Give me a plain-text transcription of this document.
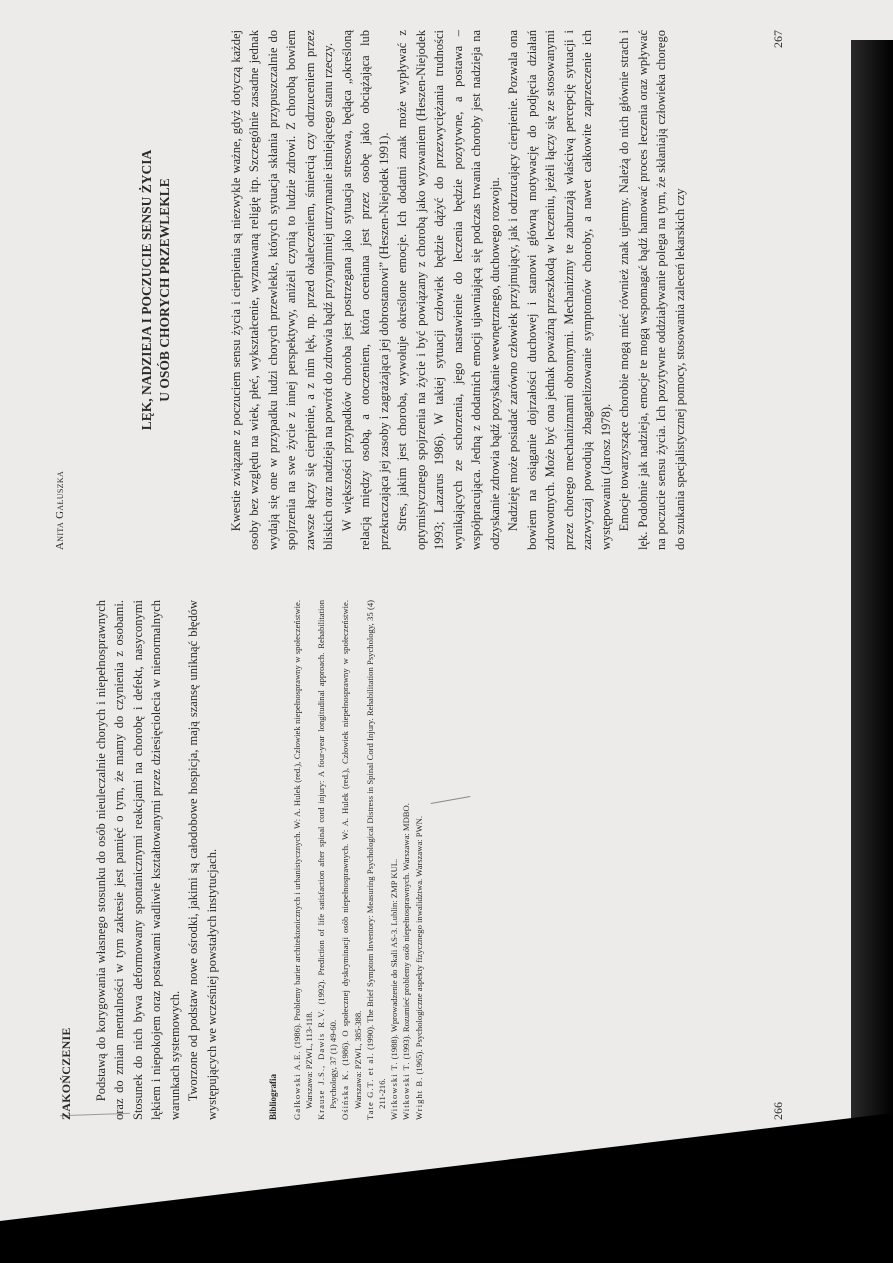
ZAKOŃCZENIE Podstawą do korygowania własnego stosunku do osób nieuleczalnie chorych i niepełnosprawnych oraz do zmian mentalności w tym zakresie jest pamięć o tym, że mamy do czynienia z osobami. Stosunek do nich bywa deformowany spontanicznymi reakcjami na chorobę i defekt, nasyconymi lękiem i niepokojem oraz postawami wadliwie kształtowanymi przez dziesięciolecia w nienormalnych warunkach systemowych. Tworzone od podstaw nowe ośrodki, jakimi są całodobowe hospicja, mają szansę uniknąć błędów występujących we wcześniej powstałych instytucjach.	Bibliografia Gałkowski A.E. (1986). Problemy barier architektonicznych i urbanistycznych. W: A. Hulek (red.), Człowiek niepełnosprawny w społeczeństwie. Warszawa: PZWL, 113-118. Krause J.S., Dawis R.V. (1992). Prediction of life satisfaction after spinal cord injury: A four-year longitudinal approach. Rehabilitation Psychology, 37 (1) 49-60. Ośińska K. (1986). O społecznej dyskryminacji osób niepełnosprawnych. W: A. Hulek (red.), Człowiek niepełnosprawny w społeczeństwie. Warszawa: PZWL, 385-388. Tate G.T. et al. (1990). The Brief Symptom Inventory: Measuring Psychological Distress in Spinal Cord Injury. Rehabilitation Psychology, 35 (4) 211-216. Witkowski T. (1988). Wprowadzenie do Skali AS-3. Lublin: ZMP KUL.
Witkowski T. (1993). Rozumieć problemy osób niepełnosprawnych. Warszawa: MDBO.
Wright B. (1965). Psychologiczne aspekty fizycznego inwalidztwa. Warszawa: PWN.
266
Anita Gałuszka
LĘK, NADZIEJA I POCZUCIE SENSU ŻYCIA U OSÓB CHORYCH PRZEWLEKLE	Kwestie związane z poczuciem sensu życia i cierpienia są niezwykle ważne, gdyż dotyczą każdej osoby bez względu na wiek, płeć, wykształcenie, wyznawaną religię itp. Szczególnie zasadne jednak wydają się one w przypadku ludzi chorych przewlekle, których sytuacja skłania przypuszczalnie do spojrzenia na swe życie z innej perspektywy, aniżeli czynią to ludzie zdrowi. Z chorobą bowiem zawsze łączy się cierpienie, a z nim lęk, np. przed okaleczeniem, śmiercią czy odrzuceniem przez bliskich oraz nadzieja na powrót do zdrowia bądź przynajmniej utrzymanie istniejącego stanu rzeczy. W większości przypadków choroba jest postrzegana jako sytuacja stresowa, będąca „określoną relacją między osobą, a otoczeniem, która oceniana jest przez osobę jako obciążająca lub przekraczająca jej zasoby i zagrażająca jej dobrostanowi” (Heszen-Niejodek 1991). Stres, jakim jest choroba, wywołuje określone emocje. Ich dodatni znak może wypływać z optymistycznego spojrzenia na życie i być powiązany z chorobą jako wyzwaniem (Heszen-Niejodek 1993; Lazarus 1986). W takiej sytuacji człowiek będzie dążyć do przezwyciężania trudności wynikających ze schorzenia, jego nastawienie do leczenia będzie pozytywne, a postawa – współpracująca. Jedną z dodatnich emocji ujawniającą się podczas trwania choroby jest nadzieja na odzyskanie zdrowia bądź pozyskanie wewnętrznego, duchowego rozwoju. Nadzieję może posiadać zarówno człowiek przyjmujący, jak i odrzucający cierpienie. Pozwala ona bowiem na osiąganie dojrzałości duchowej i stanowi główną motywację do podjęcia działań zdrowotnych. Może być ona jednak poważną przeszkodą w leczeniu, jeżeli łączy się ze stosowanymi przez chorego mechanizmami obronnymi. Mechanizmy te zaburzają właściwą percepcję sytuacji i zazwyczaj powodują zbagatelizowanie symptomów choroby, a nawet całkowite zaprzeczenie ich występowaniu (Jarosz 1978). Emocje towarzyszące chorobie mogą mieć również znak ujemny. Należą do nich głównie strach i lęk. Podobnie jak nadzieja, emocje te mogą wspomagać bądź hamować proces leczenia oraz wpływać na poczucie sensu życia. Ich pozytywne oddziaływanie polega na tym, że skłaniają człowieka chorego do szukania specjalistycznej pomocy, stosowania zaleceń lekarskich czy

267
